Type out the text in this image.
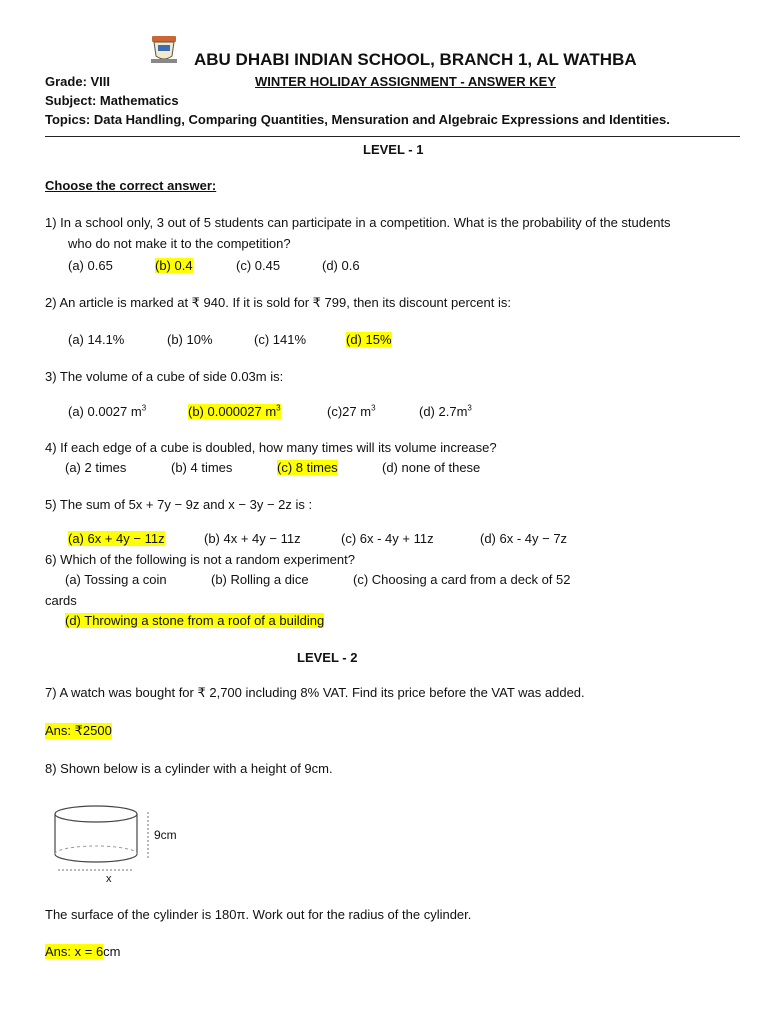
ABU DHABI INDIAN SCHOOL, BRANCH 1, AL WATHBA
Grade: VIII	WINTER HOLIDAY ASSIGNMENT - ANSWER KEY
Subject: Mathematics
Topics: Data Handling, Comparing Quantities, Mensuration and Algebraic Expressions and Identities.
LEVEL - 1
Choose the correct answer:
1) In a school only, 3 out of 5 students can participate in a competition. What is the probability of the students
who do not make it to the competition?
(a) 0.65	(b) 0.4	(c) 0.45	(d) 0.6
2) An article is marked at ₹ 940. If it is sold for ₹ 799, then its discount percent is:
(a) 14.1%	(b) 10%	(c) 141%	(d) 15%
3) The volume of a cube of side 0.03m is:
(a) 0.0027 $m^3$	(b) 0.000027 $m^3$	(c)27 $m^3$	(d) $2.7m^3$
4) If each edge of a cube is doubled, how many times will its volume increase?
(a) 2 times	(b) 4 times	(c) 8 times	(d) none of these
5) The sum of 5x + 7y − 9z and x − 3y − 2z is :
(a) 6x + 4y − 11z	(b) 4x + 4y − 11z	(c) 6x - 4y + 11z	(d) 6x - 4y − 7z
6) Which of the following is not a random experiment?
(a) Tossing a coin	(b) Rolling a dice	(c) Choosing a card from a deck of 52
cards
(d) Throwing a stone from a roof of a building
LEVEL - 2
7) A watch was bought for ₹ 2,700 including 8% VAT. Find its price before the VAT was added.
Ans: ₹2500
8) Shown below is a cylinder with a height of 9cm.
9cm
x
The surface of the cylinder is 180π. Work out for the radius of the cylinder.
Ans: x = 6cm
